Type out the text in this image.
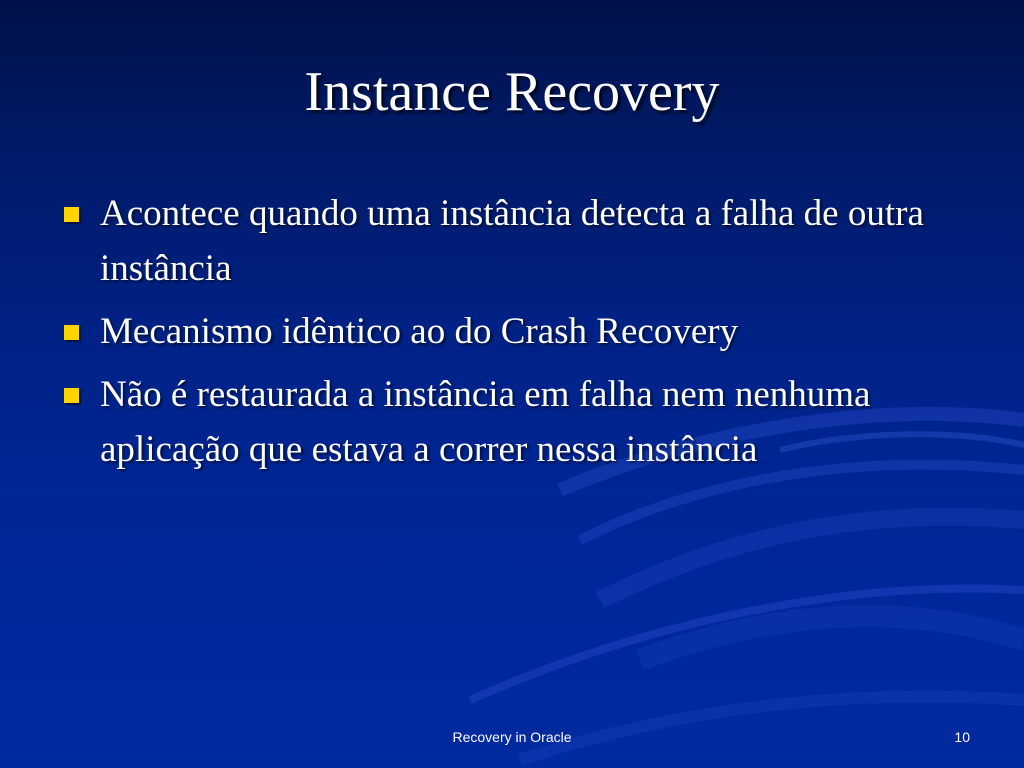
Instance Recovery
Acontece quando uma instância detecta a falha de outra instância
Mecanismo idêntico ao do Crash Recovery
Não é restaurada a instância em falha nem nenhuma aplicação que estava a correr nessa instância
Recovery in Oracle	10
